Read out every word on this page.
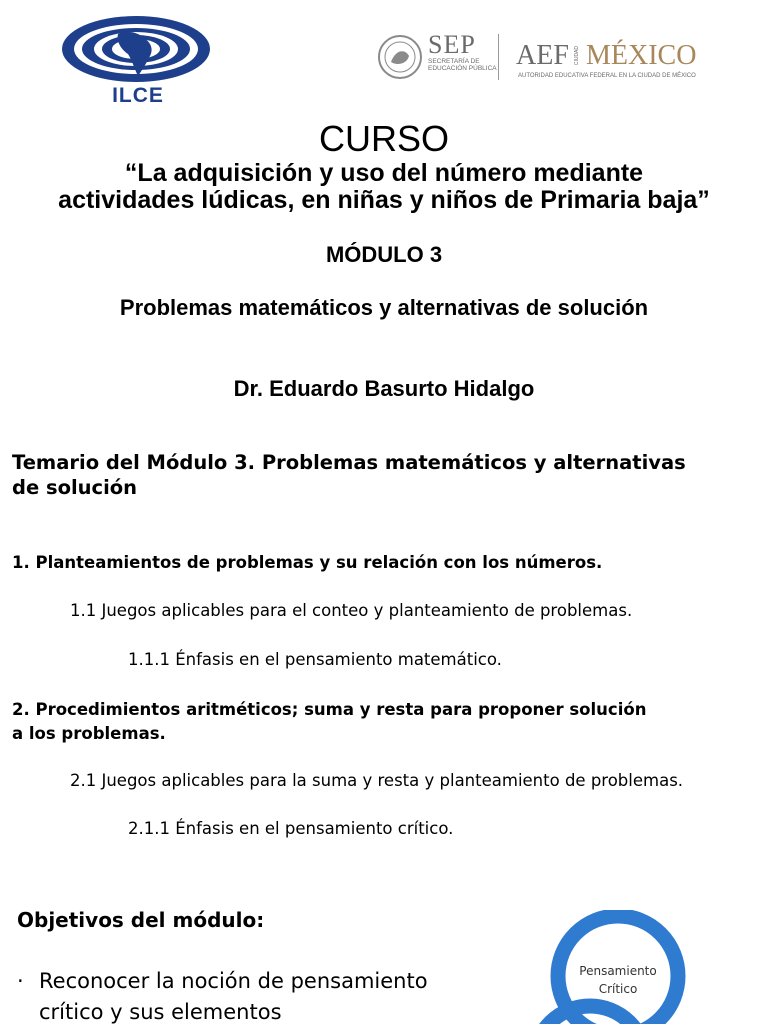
ILCE
SEP
SECRETARÍA DE EDUCACIÓN PÚBLICA AEF CIUDAD MÉXICO
AUTORIDAD EDUCATIVA FEDERAL EN LA CIUDAD DE MÉXICO
CURSO
“La adquisición y uso del número mediante
actividades lúdicas, en niñas y niños de Primaria baja”
MÓDULO 3
Problemas matemáticos y alternativas de solución
Dr. Eduardo Basurto Hidalgo
Temario del Módulo 3. Problemas matemáticos y alternativas
de solución
1. Planteamientos de problemas y su relación con los números.
1.1 Juegos aplicables para el conteo y planteamiento de problemas.
1.1.1 Énfasis en el pensamiento matemático.
2. Procedimientos aritméticos; suma y resta para proponer solución
a los problemas.
2.1 Juegos aplicables para la suma y resta y planteamiento de problemas.
2.1.1 Énfasis en el pensamiento crítico.
Objetivos del módulo:
· Reconocer la noción de pensamiento
crítico y sus elementos
Pensamiento
Crítico
